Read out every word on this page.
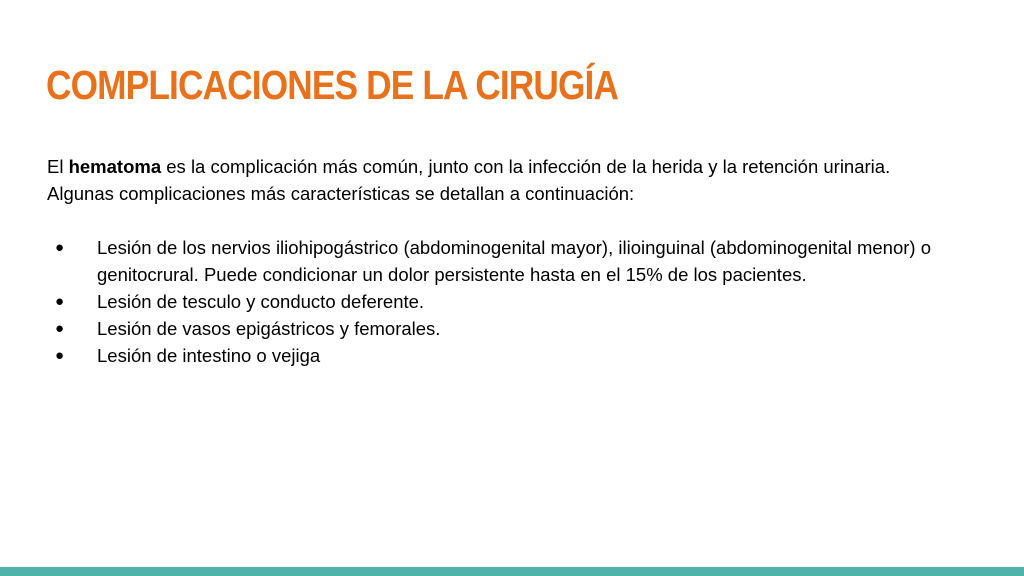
COMPLICACIONES DE LA CIRUGÍA

El hematoma es la complicación más común, junto con la infección de la herida y la retención urinaria.

Algunas complicaciones más características se detallan a continuación:

● Lesión de los nervios iliohipogástrico (abdominogenital mayor), ilioinguinal (abdominogenital menor) o genitocrural. Puede condicionar un dolor persistente hasta en el 15% de los pacientes.
● Lesión de tesculo y conducto deferente.
● Lesión de vasos epigástricos y femorales.
● Lesión de intestino o vejiga
